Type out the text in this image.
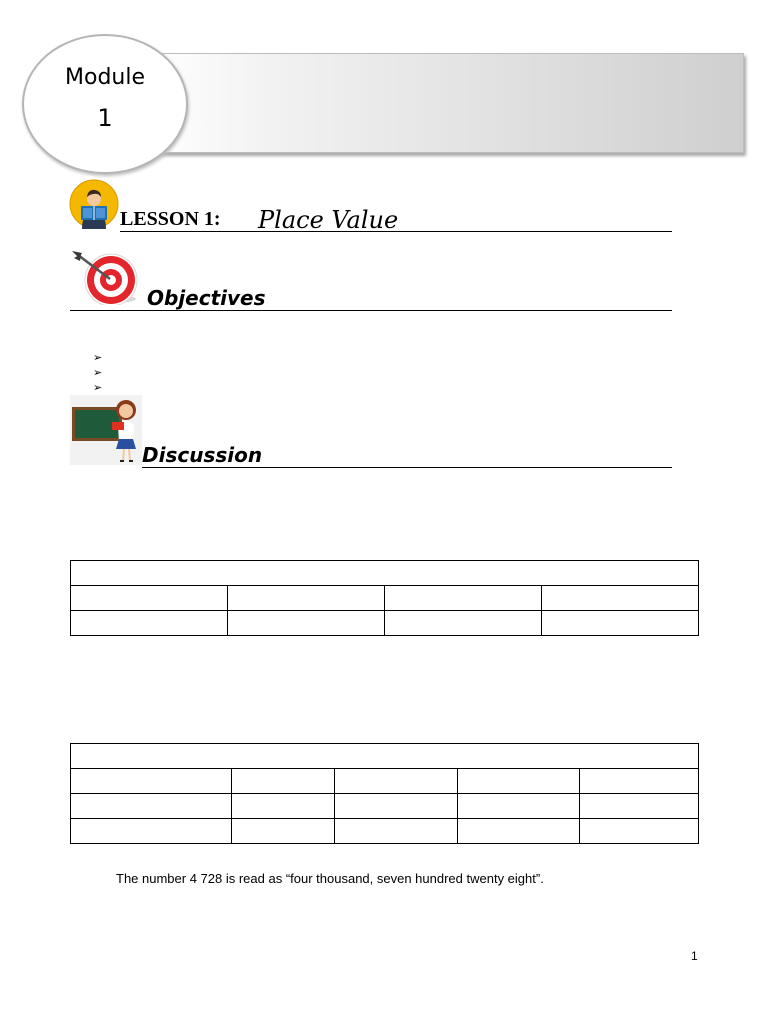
Module
1
LESSON 1: Place Value
Objectives
➢
➢
➢
Discussion

The number 4 728 is read as “four thousand, seven hundred twenty eight”.
1
